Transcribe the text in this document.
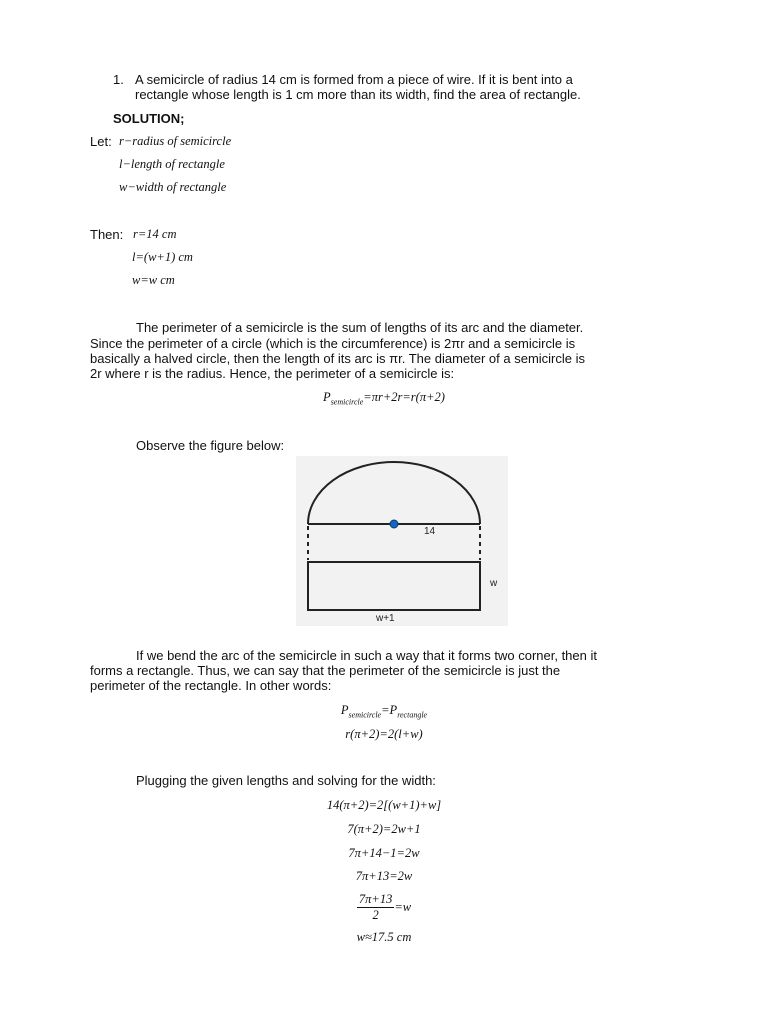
1. A semicircle of radius 14 cm is formed from a piece of wire. If it is bent into a
rectangle whose length is 1 cm more than its width, find the area of rectangle.
SOLUTION;
Let: r−radius of semicircle
l−length of rectangle
w−width of rectangle
Then: r=14 cm
l=(w+1) cm
w=w cm
The perimeter of a semicircle is the sum of lengths of its arc and the diameter.
Since the perimeter of a circle (which is the circumference) is 2πr and a semicircle is
basically a halved circle, then the length of its arc is πr. The diameter of a semicircle is
2r where r is the radius. Hence, the perimeter of a semicircle is:
$P_{semicircle}=\pi r+2r=r(\pi+2)$
Observe the figure below:
14
w
w+1
If we bend the arc of the semicircle in such a way that it forms two corner, then it
forms a rectangle. Thus, we can say that the perimeter of the semicircle is just the
perimeter of the rectangle. In other words:
$P_{semicircle}=P_{rectangle}$
r(π+2)=2(l+w)
Plugging the given lengths and solving for the width:
14(π+2)=2[(w+1)+w]
7(π+2)=2w+1
7π+14−1=2w
7π+13=2w
$\frac{7\pi+13}{2} =w$
w≈17.5 cm
